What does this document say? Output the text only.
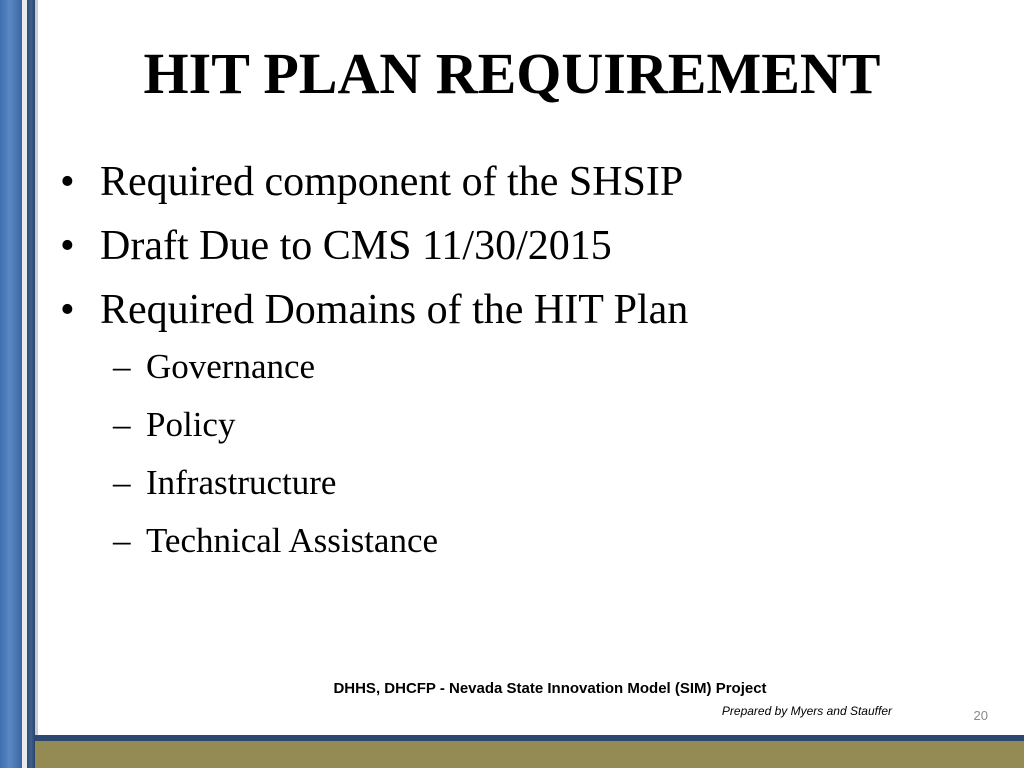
HIT PLAN REQUIREMENT
• Required component of the SHSIP
• Draft Due to CMS 11/30/2015
• Required Domains of the HIT Plan
– Governance
– Policy
– Infrastructure
– Technical Assistance
DHHS, DHCFP - Nevada State Innovation Model (SIM) Project
Prepared by Myers and Stauffer	20
